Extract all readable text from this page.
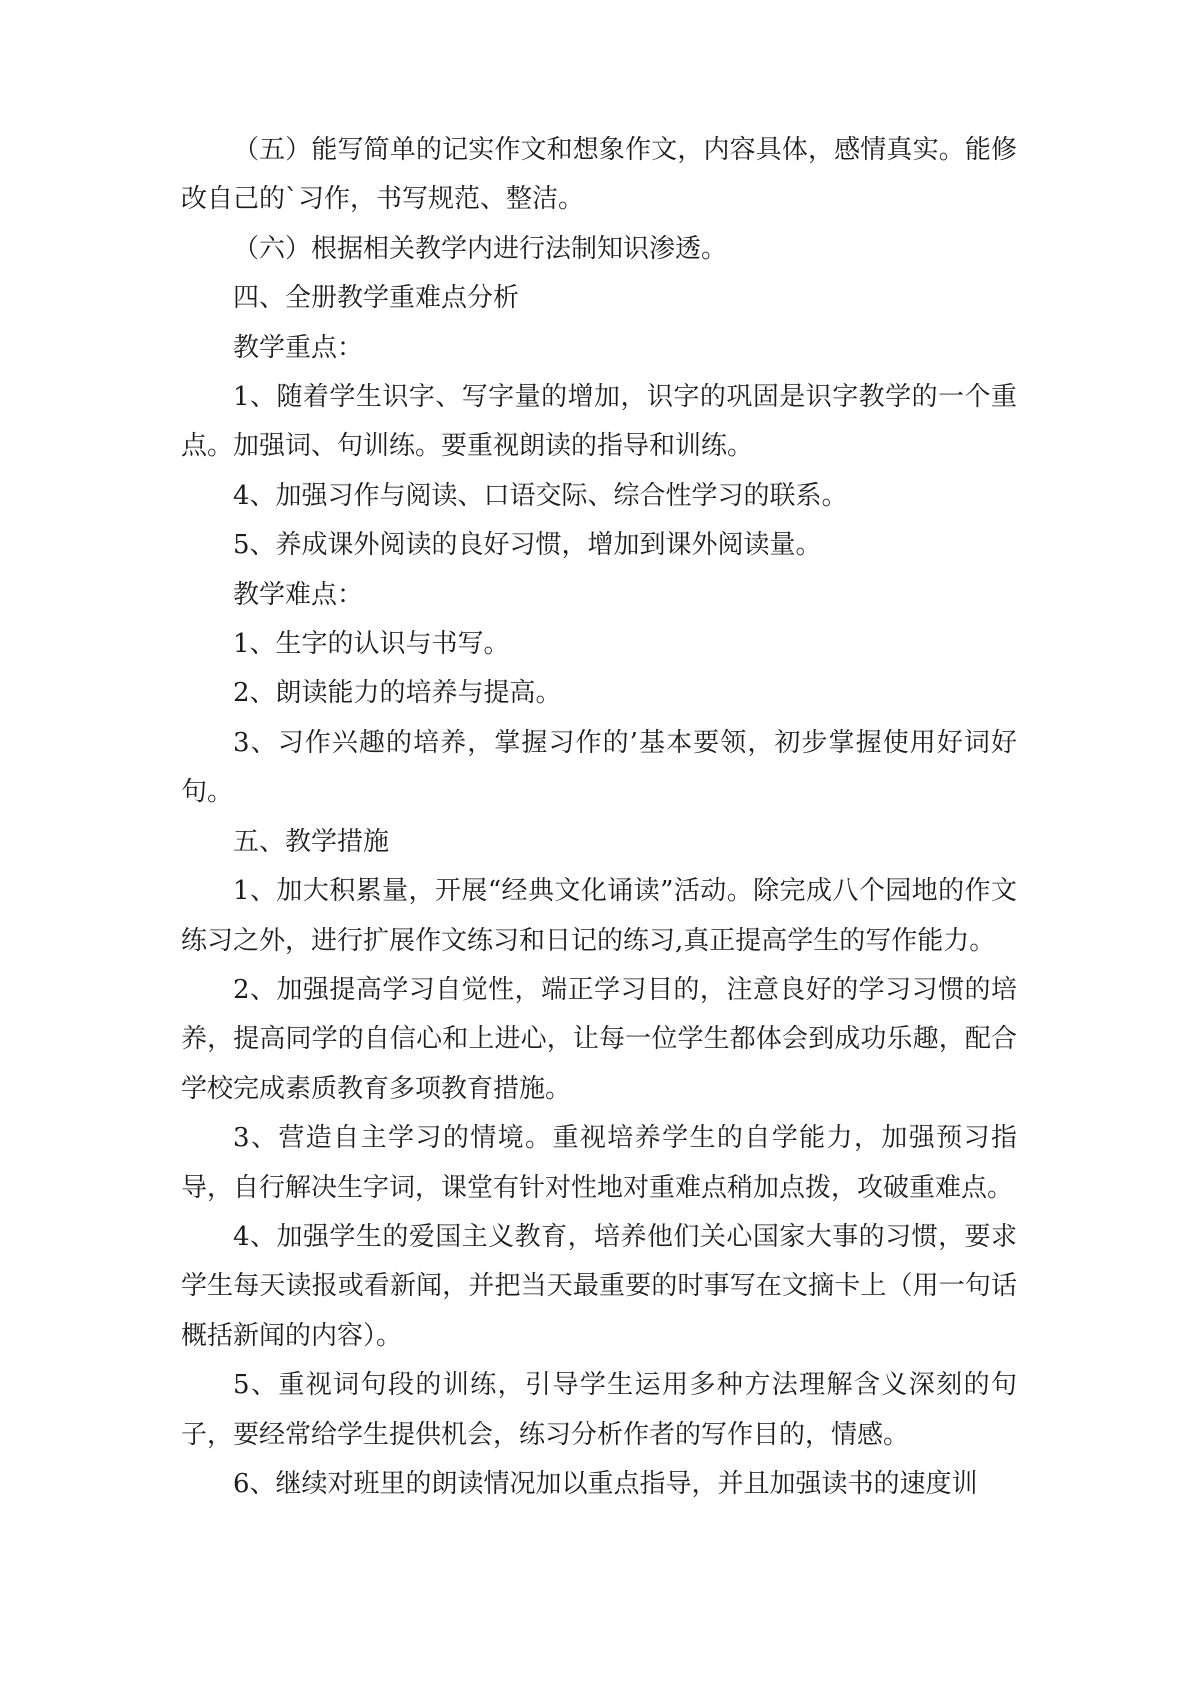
（五）能写简单的记实作文和想象作文，内容具体，感情真实。能修改自己的`习作，书写规范、整洁。

（六）根据相关教学内进行法制知识渗透。

四、全册教学重难点分析

教学重点：

1、随着学生识字、写字量的增加，识字的巩固是识字教学的一个重点。加强词、句训练。要重视朗读的指导和训练。

4、加强习作与阅读、口语交际、综合性学习的联系。

5、养成课外阅读的良好习惯，增加到课外阅读量。

教学难点：

1、生字的认识与书写。

2、朗读能力的培养与提高。

3、习作兴趣的培养，掌握习作的’基本要领，初步掌握使用好词好句。

五、教学措施

1、加大积累量，开展“经典文化诵读”活动。除完成八个园地的作文练习之外，进行扩展作文练习和日记的练习,真正提高学生的写作能力。

2、加强提高学习自觉性，端正学习目的，注意良好的学习习惯的培养，提高同学的自信心和上进心，让每一位学生都体会到成功乐趣，配合学校完成素质教育多项教育措施。

3、营造自主学习的情境。重视培养学生的自学能力，加强预习指导，自行解决生字词，课堂有针对性地对重难点稍加点拨，攻破重难点。

4、加强学生的爱国主义教育，培养他们关心国家大事的习惯，要求学生每天读报或看新闻，并把当天最重要的时事写在文摘卡上（用一句话概括新闻的内容）。

5、重视词句段的训练，引导学生运用多种方法理解含义深刻的句子，要经常给学生提供机会，练习分析作者的写作目的，情感。

6、继续对班里的朗读情况加以重点指导，并且加强读书的速度训
